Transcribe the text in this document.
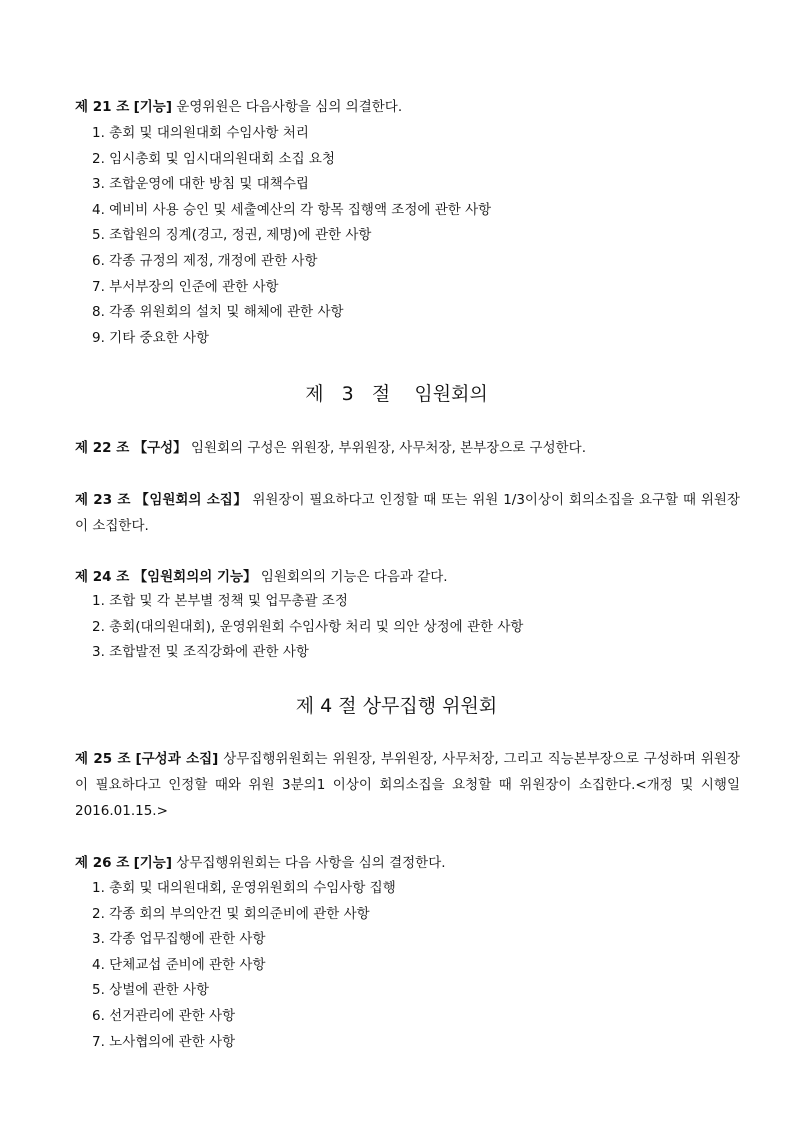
제 21 조 [기능] 운영위원은 다음사항을 심의 의결한다.
1. 총회 및 대의원대회 수임사항 처리
2. 임시총회 및 임시대의원대회 소집 요청
3. 조합운영에 대한 방침 및 대책수립
4. 예비비 사용 승인 및 세출예산의 각 항목 집행액 조정에 관한 사항
5. 조합원의 징계(경고, 정권, 제명)에 관한 사항
6. 각종 규정의 제정, 개정에 관한 사항
7. 부서부장의 인준에 관한 사항
8. 각종 위원회의 설치 및 해체에 관한 사항
9. 기타 중요한 사항
제   3   절    임원회의
제 22 조 【구성】 임원회의 구성은 위원장, 부위원장, 사무처장, 본부장으로 구성한다.
제 23 조 【임원회의 소집】 위원장이 필요하다고 인정할 때 또는 위원 1/3이상이 회의소집을 요구할 때 위원장이 소집한다.
제 24 조 【임원회의의 기능】 임원회의의 기능은 다음과 같다.
1. 조합 및 각 본부별 정책 및 업무총괄 조정
2. 총회(대의원대회), 운영위원회 수임사항 처리 및 의안 상정에 관한 사항
3. 조합발전 및 조직강화에 관한 사항
제 4 절 상무집행 위원회
제 25 조 [구성과 소집] 상무집행위원회는 위원장, 부위원장, 사무처장, 그리고 직능본부장으로 구성하며 위원장이 필요하다고 인정할 때와 위원 3분의1 이상이 회의소집을 요청할 때 위원장이 소집한다.<개정 및 시행일 2016.01.15.>
제 26 조 [기능] 상무집행위원회는 다음 사항을 심의 결정한다.
1. 총회 및 대의원대회, 운영위원회의 수임사항 집행
2. 각종 회의 부의안건 및 회의준비에 관한 사항
3. 각종 업무집행에 관한 사항
4. 단체교섭 준비에 관한 사항
5. 상벌에 관한 사항
6. 선거관리에 관한 사항
7. 노사협의에 관한 사항
